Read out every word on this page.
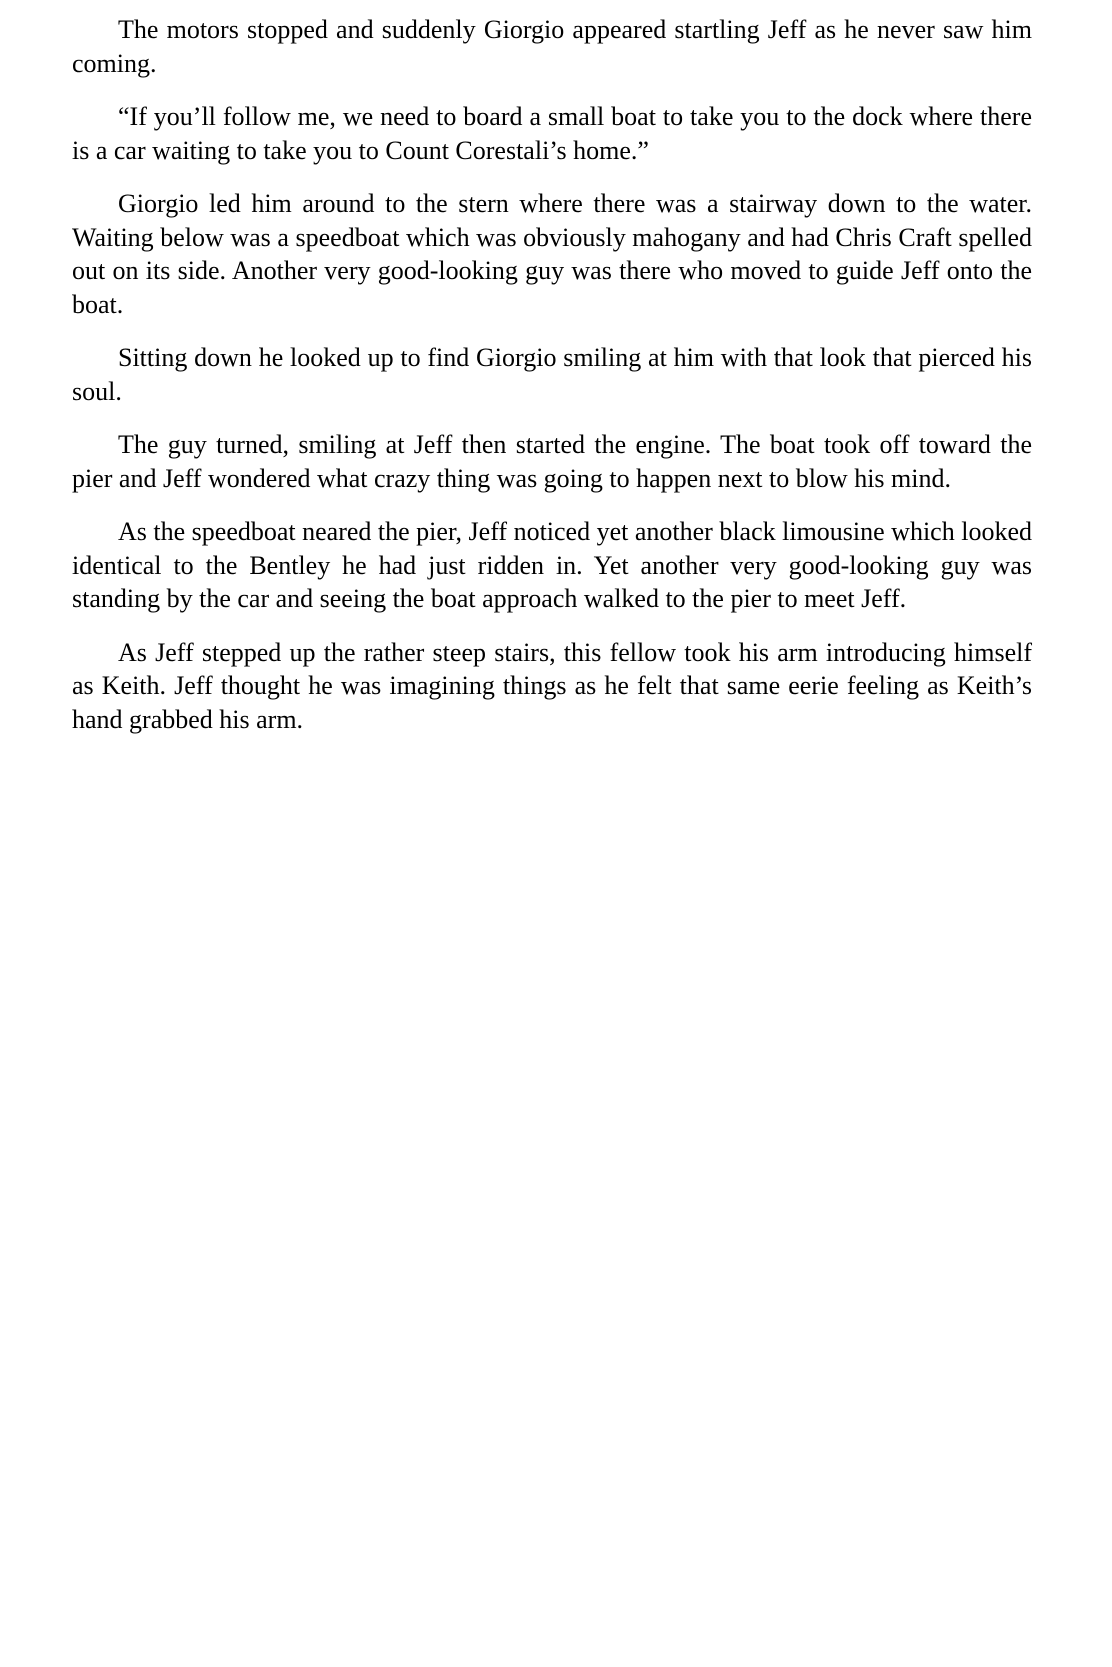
The motors stopped and suddenly Giorgio appeared startling Jeff as he never saw him coming.

“If you’ll follow me, we need to board a small boat to take you to the dock where there is a car waiting to take you to Count Corestali’s home.”

Giorgio led him around to the stern where there was a stairway down to the water. Waiting below was a speedboat which was obviously mahogany and had Chris Craft spelled out on its side. Another very good-looking guy was there who moved to guide Jeff onto the boat.

Sitting down he looked up to find Giorgio smiling at him with that look that pierced his soul.

The guy turned, smiling at Jeff then started the engine. The boat took off toward the pier and Jeff wondered what crazy thing was going to happen next to blow his mind.

As the speedboat neared the pier, Jeff noticed yet another black limousine which looked identical to the Bentley he had just ridden in. Yet another very good-looking guy was standing by the car and seeing the boat approach walked to the pier to meet Jeff.

As Jeff stepped up the rather steep stairs, this fellow took his arm introducing himself as Keith. Jeff thought he was imagining things as he felt that same eerie feeling as Keith’s hand grabbed his arm.
